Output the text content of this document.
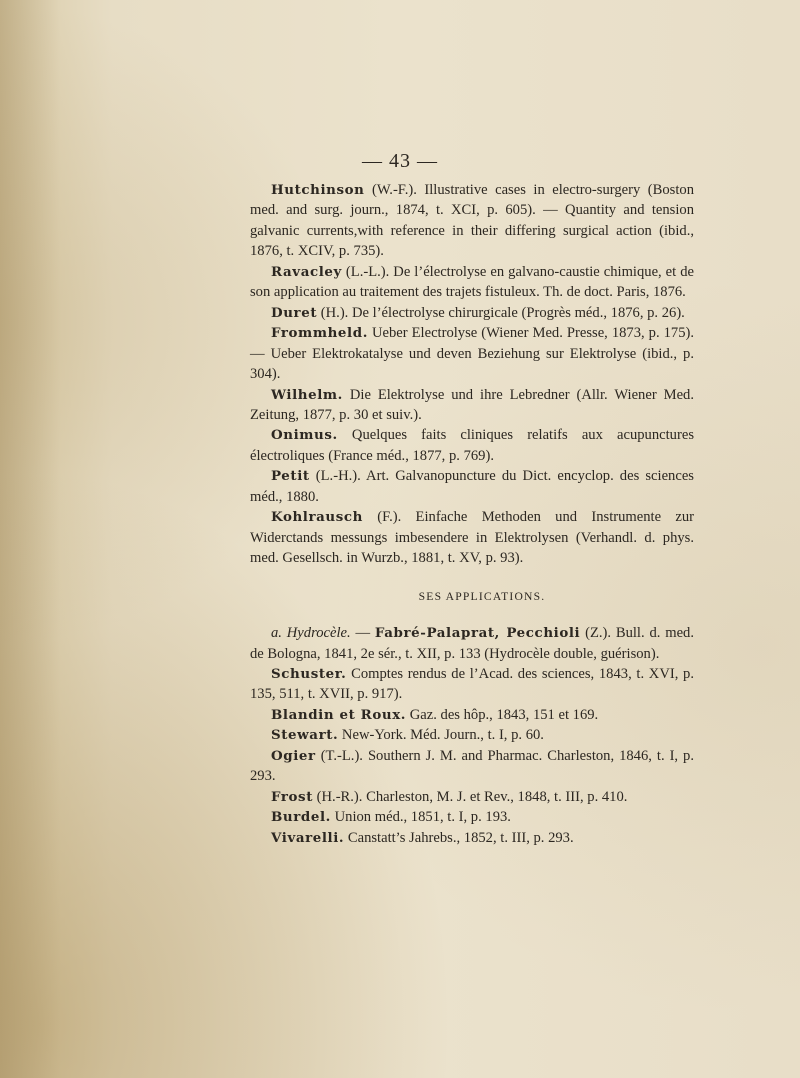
— 43 —

Hutchinson (W.-F.). Illustrative cases in electro-surgery (Boston med. and surg. journ., 1874, t. XCI, p. 605). — Quantity and tension galvanic currents,with reference in their differing surgical action (ibid., 1876, t. XCIV, p. 735).

Ravacley (L.-L.). De l’électrolyse en galvano-caustie chimique, et de son application au traitement des trajets fistuleux. Th. de doct. Paris, 1876.

Duret (H.). De l’électrolyse chirurgicale (Progrès méd., 1876, p. 26).

Frommheld. Ueber Electrolyse (Wiener Med. Presse, 1873, p. 175). — Ueber Elektrokatalyse und deven Beziehung sur Elektrolyse (ibid., p. 304).

Wilhelm. Die Elektrolyse und ihre Lebredner (Allr. Wiener Med. Zeitung, 1877, p. 30 et suiv.).

Onimus. Quelques faits cliniques relatifs aux acupunctures électroliques (France méd., 1877, p. 769).

Petit (L.-H.). Art. Galvanopuncture du Dict. encyclop. des sciences méd., 1880.

Kohlrausch (F.). Einfache Methoden und Instrumente zur Widerctands messungs imbesendere in Elektrolysen (Verhandl. d. phys. med. Gesellsch. in Wurzb., 1881, t. XV, p. 93).

SES APPLICATIONS.

a. Hydrocèle. — Fabré-Palaprat, Pecchioli (Z.). Bull. d. med. de Bologna, 1841, 2e sér., t. XII, p. 133 (Hydrocèle double, guérison).

Schuster. Comptes rendus de l’Acad. des sciences, 1843, t. XVI, p. 135, 511, t. XVII, p. 917).

Blandin et Roux. Gaz. des hôp., 1843, 151 et 169.

Stewart. New-York. Méd. Journ., t. I, p. 60.

Ogier (T.-L.). Southern J. M. and Pharmac. Charleston, 1846, t. I, p. 293.

Frost (H.-R.). Charleston, M. J. et Rev., 1848, t. III, p. 410.

Burdel. Union méd., 1851, t. I, p. 193.

Vivarelli. Canstatt’s Jahrebs., 1852, t. III, p. 293.
